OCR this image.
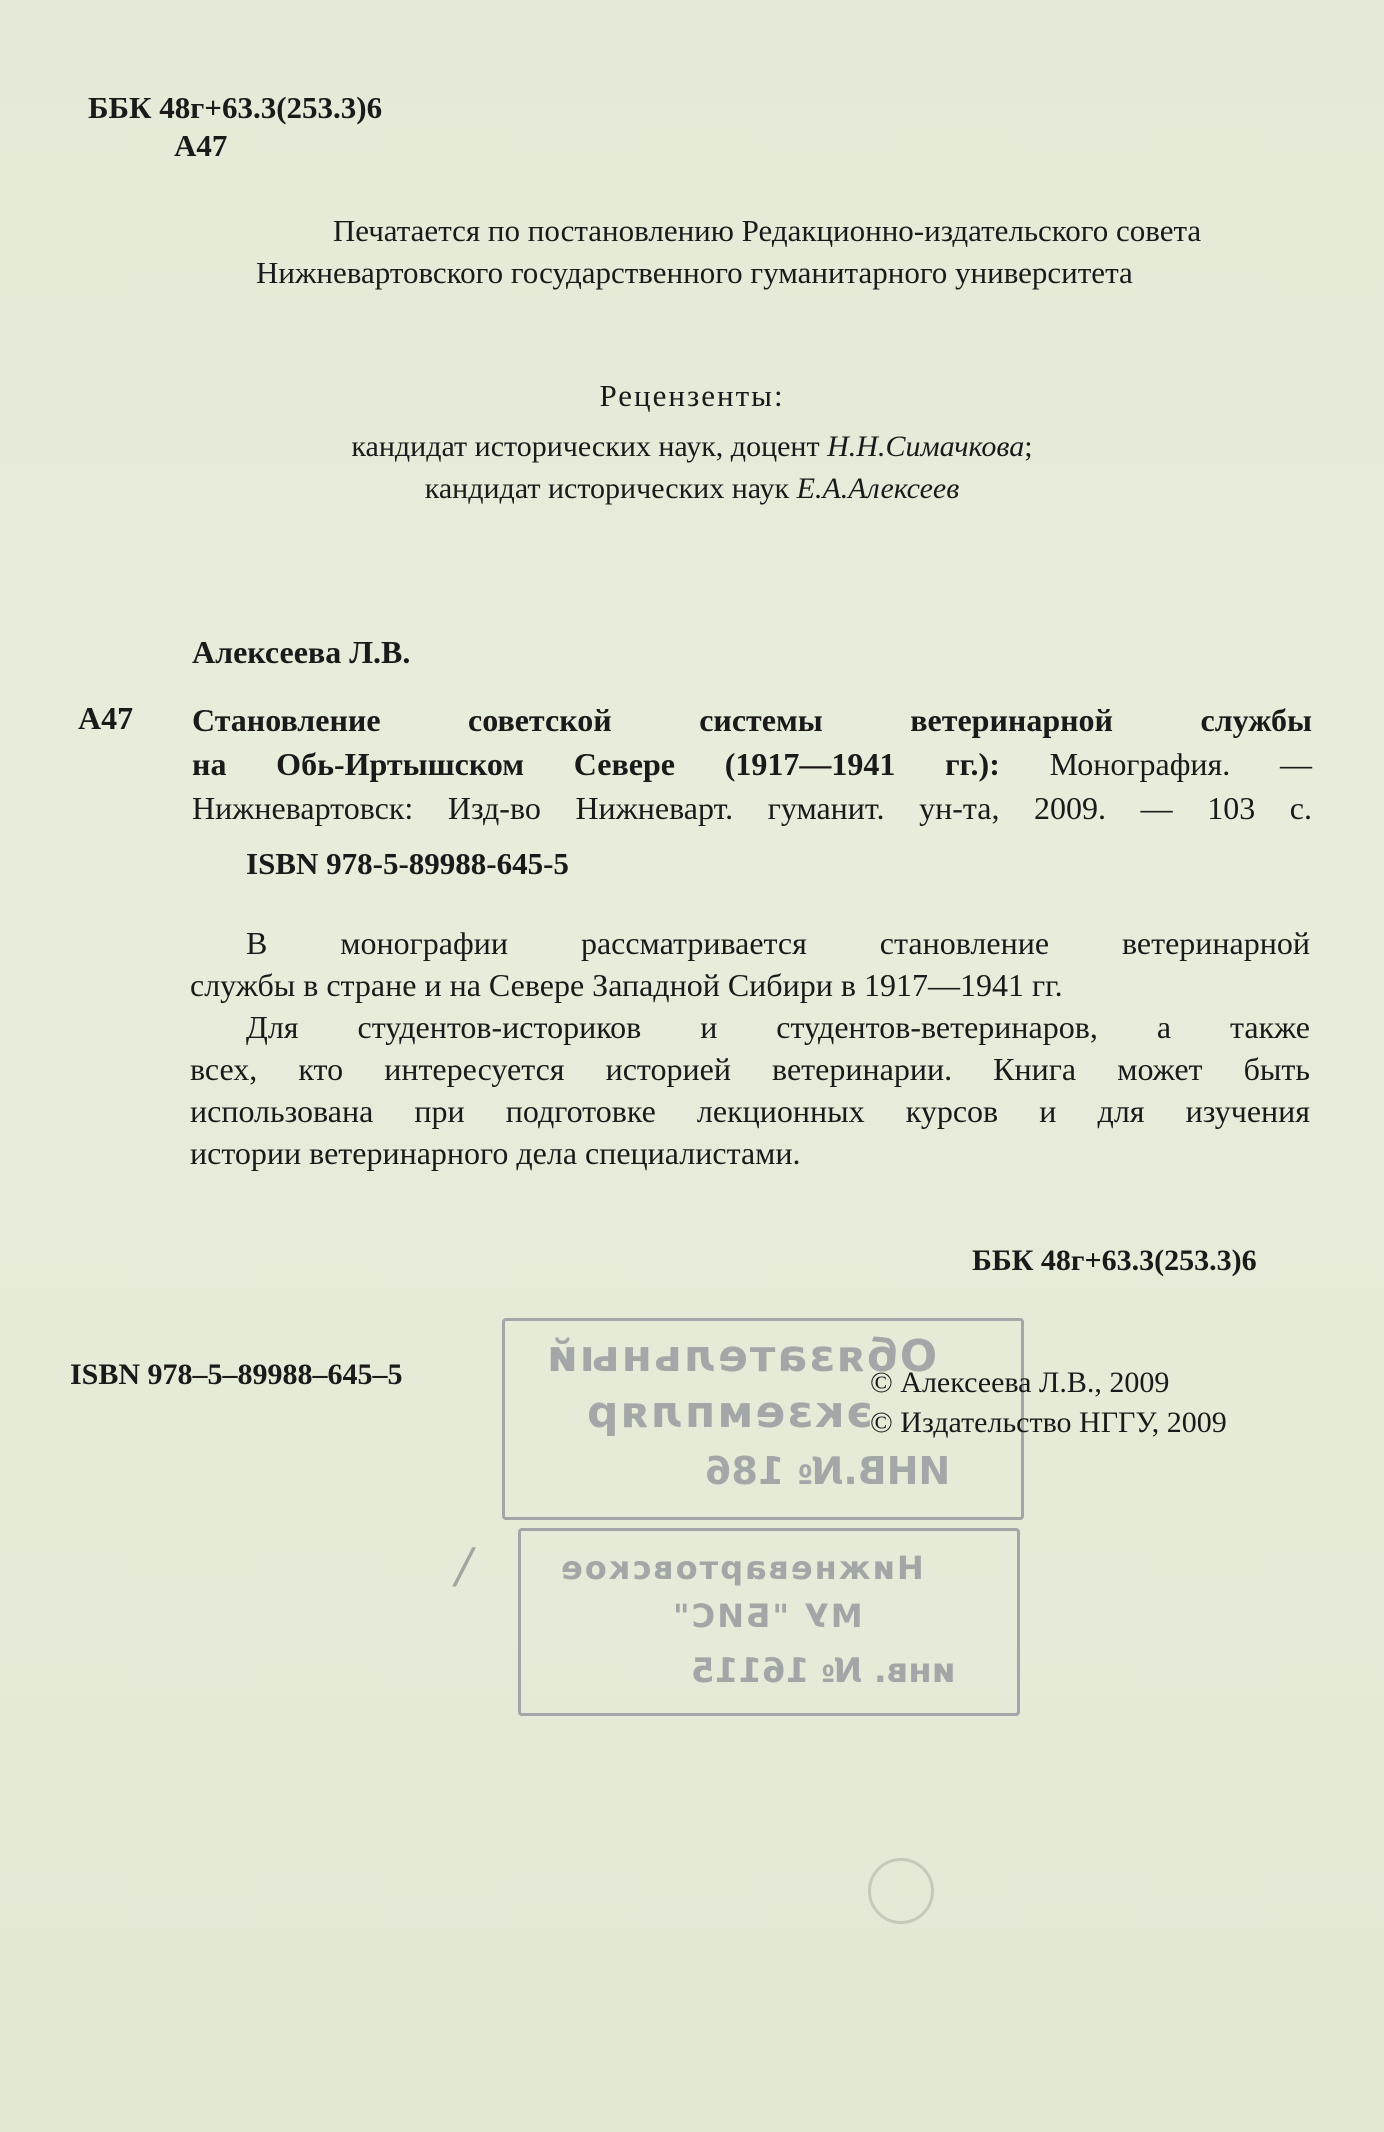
ББК 48г+63.3(253.3)6

А47

Печатается по постановлению Редакционно-издательского совета
Нижневартовского государственного гуманитарного университета

Рецензенты:

кандидат исторических наук, доцент Н.Н.Симачкова;

кандидат исторических наук Е.А.Алексеев

Алексеева Л.В.

А47 Становление советской системы ветеринарной службы
на Обь-Иртышском Севере (1917—1941 гг.): Монография. —
Нижневартовск: Изд-во Нижневарт. гуманит. ун-та, 2009. — 103 с.

ISBN 978-5-89988-645-5

В монографии рассматривается становление ветеринарной
службы в стране и на Севере Западной Сибири в 1917—1941 гг.
Для студентов-историков и студентов-ветеринаров, а также
всех, кто интересуется историей ветеринарии. Книга может быть
использована при подготовке лекционных курсов и для изучения
истории ветеринарного дела специалистами.

ББК 48г+63.3(253.3)6

Обязательный
экземпляр
ИНВ.№ 186
Нижневартовское
МУ "БИС"
инв. № 16115
/

ISBN 978–5–89988–645–5	© Алексеева Л.В., 2009

© Издательство НГГУ, 2009
